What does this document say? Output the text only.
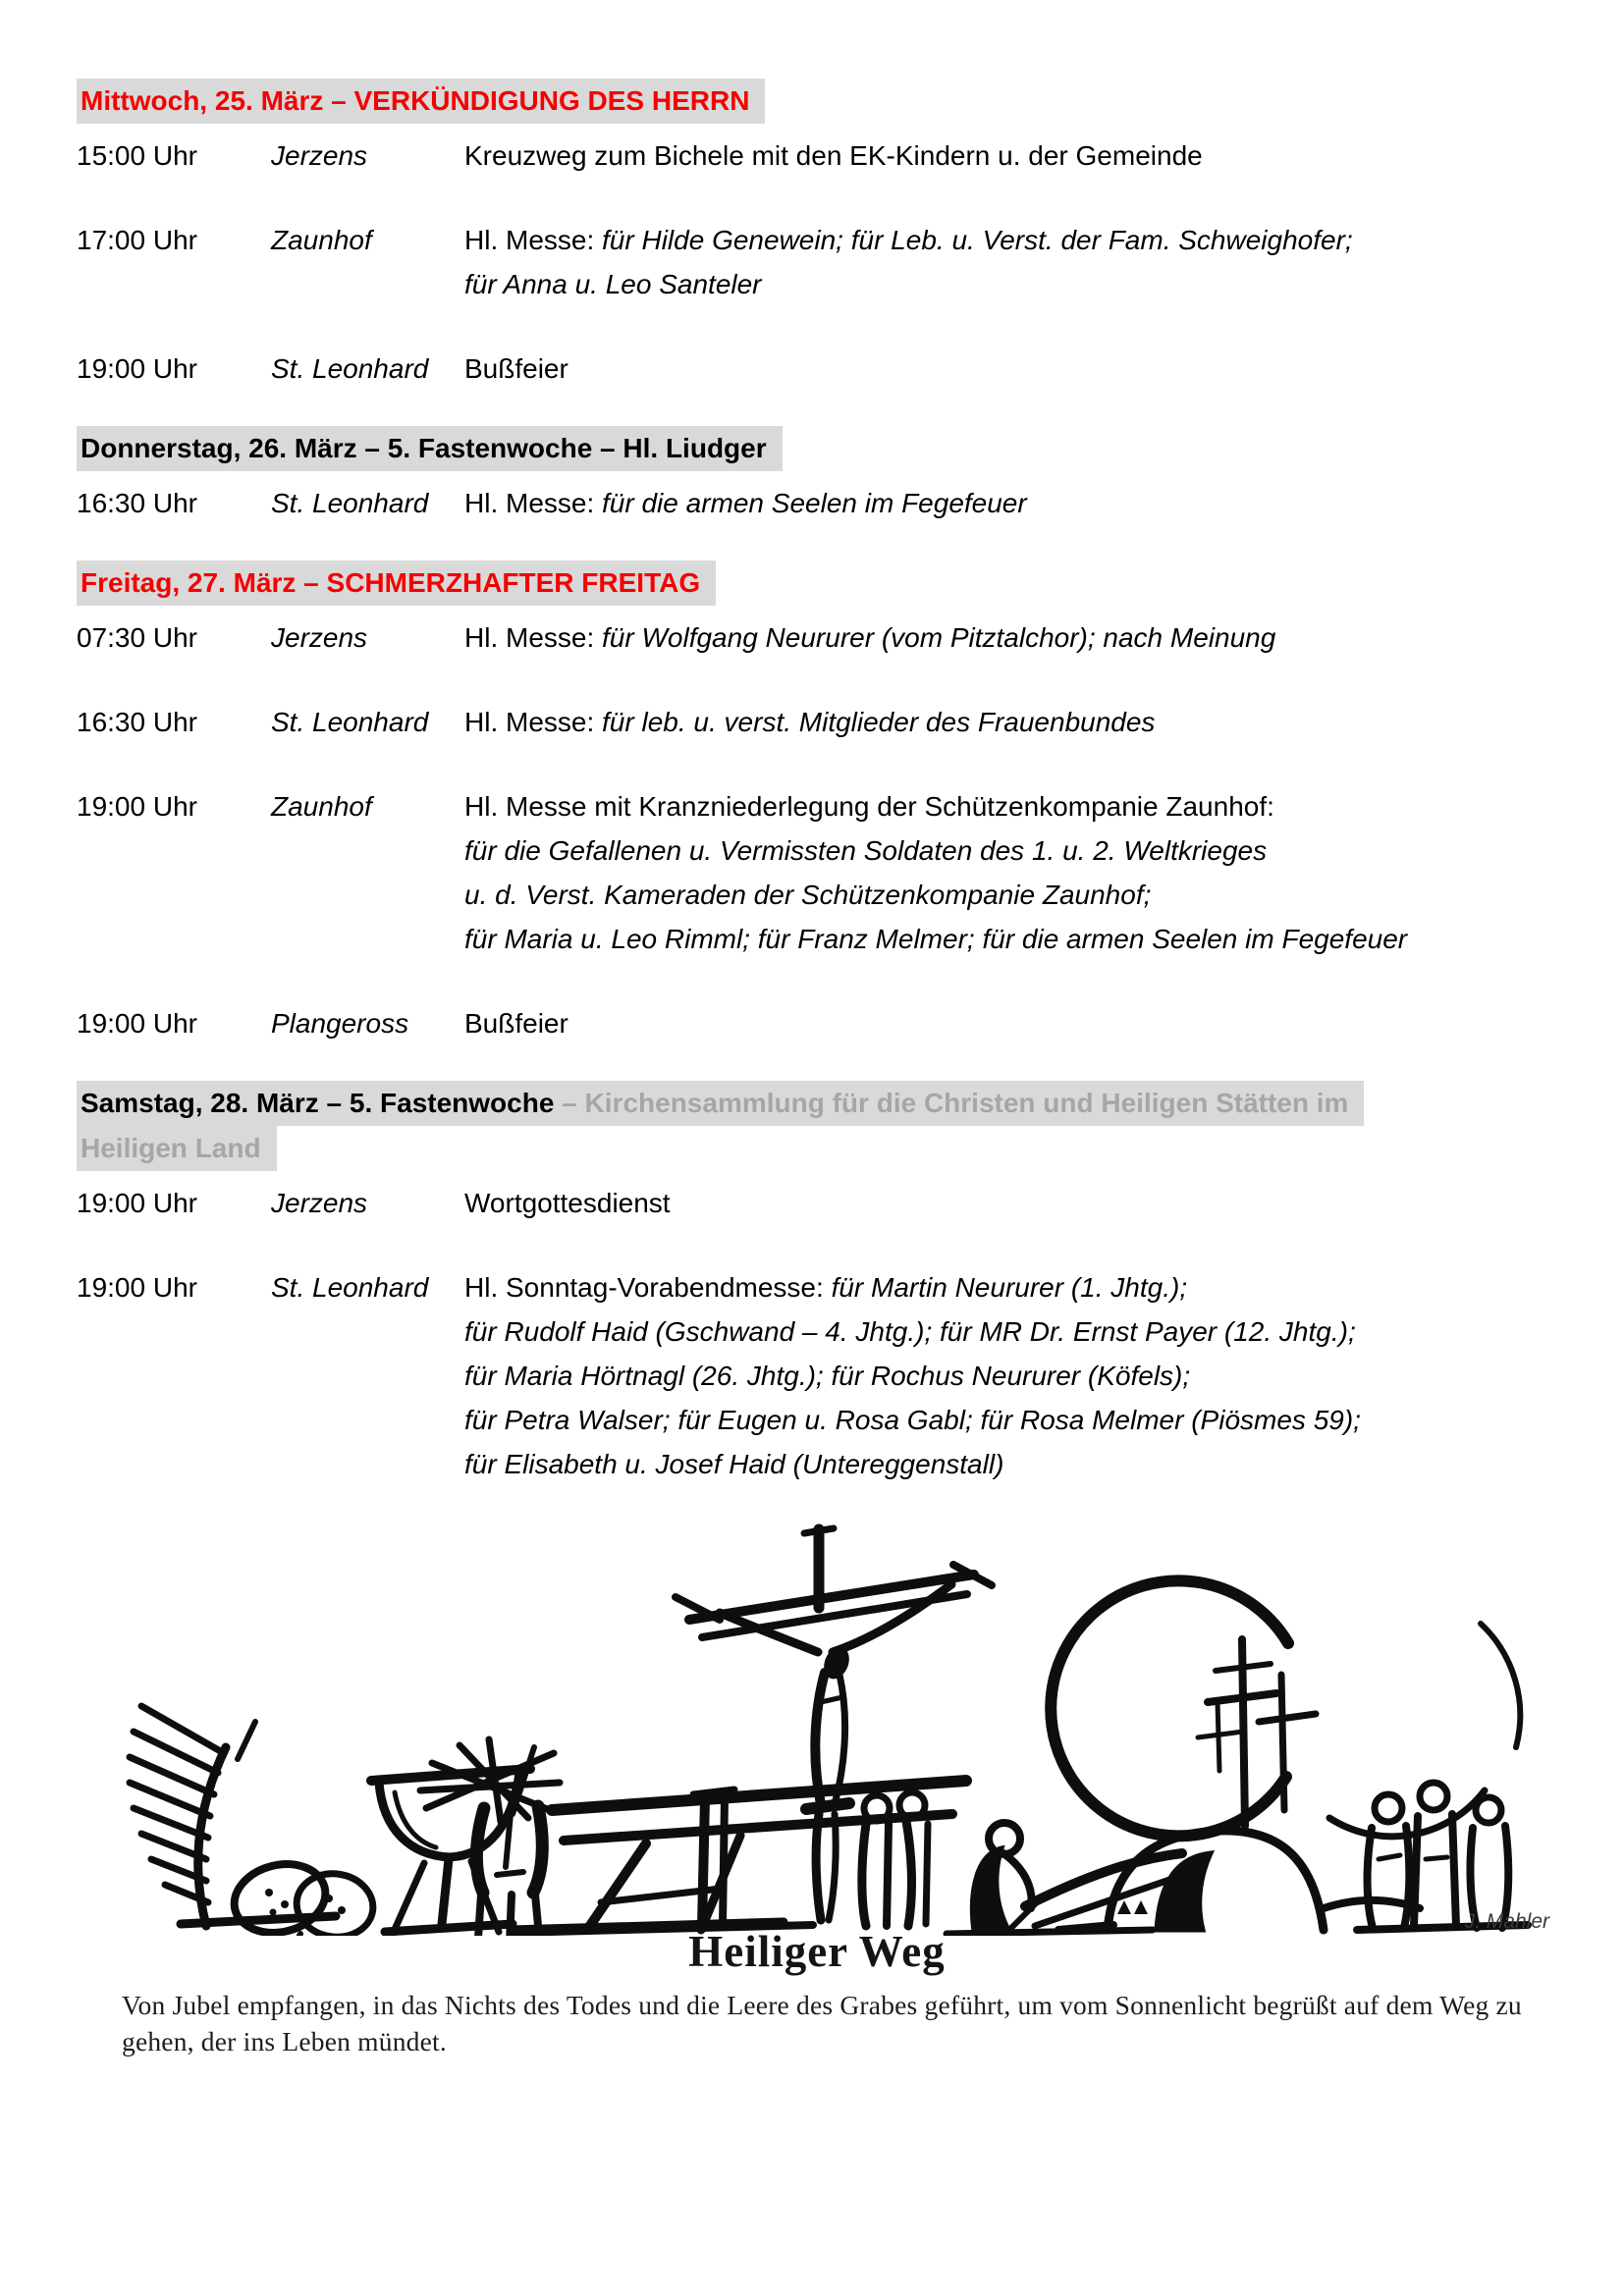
Mittwoch, 25. März – VERKÜNDIGUNG DES HERRN
15:00 Uhr	Jerzens	Kreuzweg zum Bichele mit den EK-Kindern u. der Gemeinde
17:00 Uhr	Zaunhof	Hl. Messe: für Hilde Genewein; für Leb. u. Verst. der Fam. Schweighofer;
für Anna u. Leo Santeler
19:00 Uhr	St. Leonhard	Bußfeier
Donnerstag, 26. März – 5. Fastenwoche – Hl. Liudger
16:30 Uhr	St. Leonhard	Hl. Messe: für die armen Seelen im Fegefeuer
Freitag, 27. März – SCHMERZHAFTER FREITAG
07:30 Uhr	Jerzens	Hl. Messe: für Wolfgang Neururer (vom Pitztalchor); nach Meinung
16:30 Uhr	St. Leonhard	Hl. Messe: für leb. u. verst. Mitglieder des Frauenbundes
19:00 Uhr	Zaunhof	Hl. Messe mit Kranzniederlegung der Schützenkompanie Zaunhof:
für die Gefallenen u. Vermissten Soldaten des 1. u. 2. Weltkrieges
u. d. Verst. Kameraden der Schützenkompanie Zaunhof;
für Maria u. Leo Rimml; für Franz Melmer; für die armen Seelen im Fegefeuer
19:00 Uhr	Plangeross	Bußfeier
Samstag, 28. März – 5. Fastenwoche – Kirchensammlung für die Christen und Heiligen Stätten im
Heiligen Land
19:00 Uhr	Jerzens	Wortgottesdienst
19:00 Uhr	St. Leonhard	Hl. Sonntag-Vorabendmesse: für Martin Neururer (1. Jhtg.);
für Rudolf Haid (Gschwand – 4. Jhtg.); für MR Dr. Ernst Payer (12. Jhtg.);
für Maria Hörtnagl (26. Jhtg.); für Rochus Neururer (Köfels);
für Petra Walser; für Eugen u. Rosa Gabl; für Rosa Melmer (Piösmes 59);
für Elisabeth u. Josef Haid (Untereggenstall)
J. Mahler
Heiliger Weg
Von Jubel empfangen, in das Nichts des Todes und die Leere des Grabes geführt, um vom Sonnenlicht begrüßt auf dem Weg zu gehen, der ins Leben mündet.
